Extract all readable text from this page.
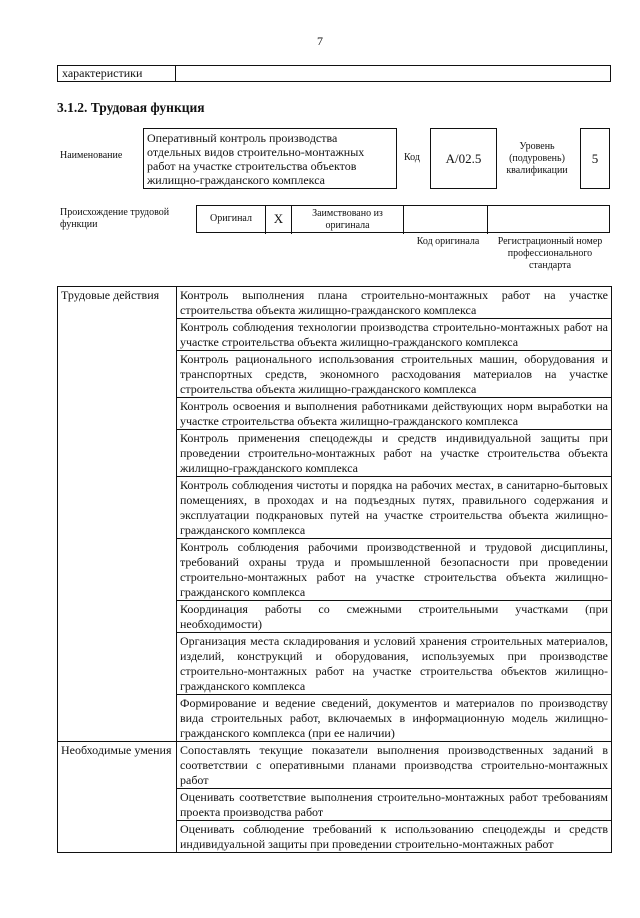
7
характеристики
3.1.2. Трудовая функция
Наименование
Оперативный контроль производства отдельных видов строительно-монтажных работ на участке строительства объектов жилищно-гражданского комплекса
Код	А/02.5
Уровень (подуровень) квалификации
5
Происхождение трудовой функции
Оригинал	X	Заимствовано из оригинала
Код оригинала	Регистрационный номер профессионального стандарта
Трудовые действия	Контроль выполнения плана строительно-монтажных работ на участке строительства объекта жилищно-гражданского комплекса
	Контроль соблюдения технологии производства строительно-монтажных работ на участке строительства объекта жилищно-гражданского комплекса
	Контроль рационального использования строительных машин, оборудования и транспортных средств, экономного расходования материалов на участке строительства объекта жилищно-гражданского комплекса
	Контроль освоения и выполнения работниками действующих норм выработки на участке строительства объекта жилищно-гражданского комплекса
	Контроль применения спецодежды и средств индивидуальной защиты при проведении строительно-монтажных работ на участке строительства объекта жилищно-гражданского комплекса
	Контроль соблюдения чистоты и порядка на рабочих местах, в санитарно-бытовых помещениях, в проходах и на подъездных путях, правильного содержания и эксплуатации подкрановых путей на участке строительства объекта жилищно-гражданского комплекса
	Контроль соблюдения рабочими производственной и трудовой дисциплины, требований охраны труда и промышленной безопасности при проведении строительно-монтажных работ на участке строительства объекта жилищно-гражданского комплекса
	Координация работы со смежными строительными участками (при необходимости)
	Организация места складирования и условий хранения строительных материалов, изделий, конструкций и оборудования, используемых при производстве строительно-монтажных работ на участке строительства объектов жилищно-гражданского комплекса
	Формирование и ведение сведений, документов и материалов по производству вида строительных работ, включаемых в информационную модель жилищно-гражданского комплекса (при ее наличии)
Необходимые умения	Сопоставлять текущие показатели выполнения производственных заданий в соответствии с оперативными планами производства строительно-монтажных работ
	Оценивать соответствие выполнения строительно-монтажных работ требованиям проекта производства работ
	Оценивать соблюдение требований к использованию спецодежды и средств индивидуальной защиты при проведении строительно-монтажных работ
